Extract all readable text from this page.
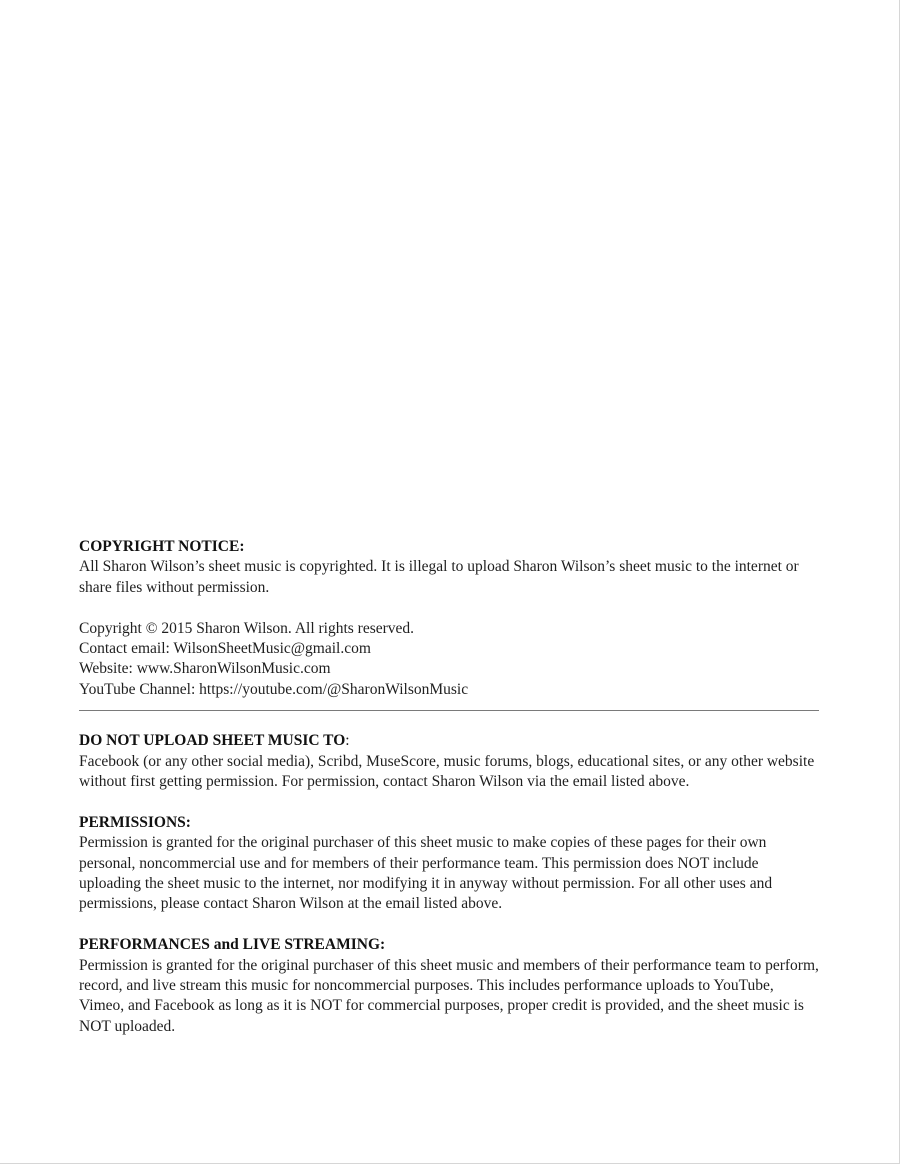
COPYRIGHT NOTICE:

All Sharon Wilson’s sheet music is copyrighted. It is illegal to upload Sharon Wilson’s sheet music to the internet or share files without permission.

Copyright © 2015 Sharon Wilson. All rights reserved.
Contact email: WilsonSheetMusic@gmail.com
Website: www.SharonWilsonMusic.com
YouTube Channel: https://youtube.com/@SharonWilsonMusic

DO NOT UPLOAD SHEET MUSIC TO:

Facebook (or any other social media), Scribd, MuseScore, music forums, blogs, educational sites, or any other website without first getting permission. For permission, contact Sharon Wilson via the email listed above.

PERMISSIONS:

Permission is granted for the original purchaser of this sheet music to make copies of these pages for their own personal, noncommercial use and for members of their performance team. This permission does NOT include uploading the sheet music to the internet, nor modifying it in anyway without permission. For all other uses and permissions, please contact Sharon Wilson at the email listed above.

PERFORMANCES and LIVE STREAMING:

Permission is granted for the original purchaser of this sheet music and members of their performance team to perform, record, and live stream this music for noncommercial purposes. This includes performance uploads to YouTube, Vimeo, and Facebook as long as it is NOT for commercial purposes, proper credit is provided, and the sheet music is NOT uploaded.
